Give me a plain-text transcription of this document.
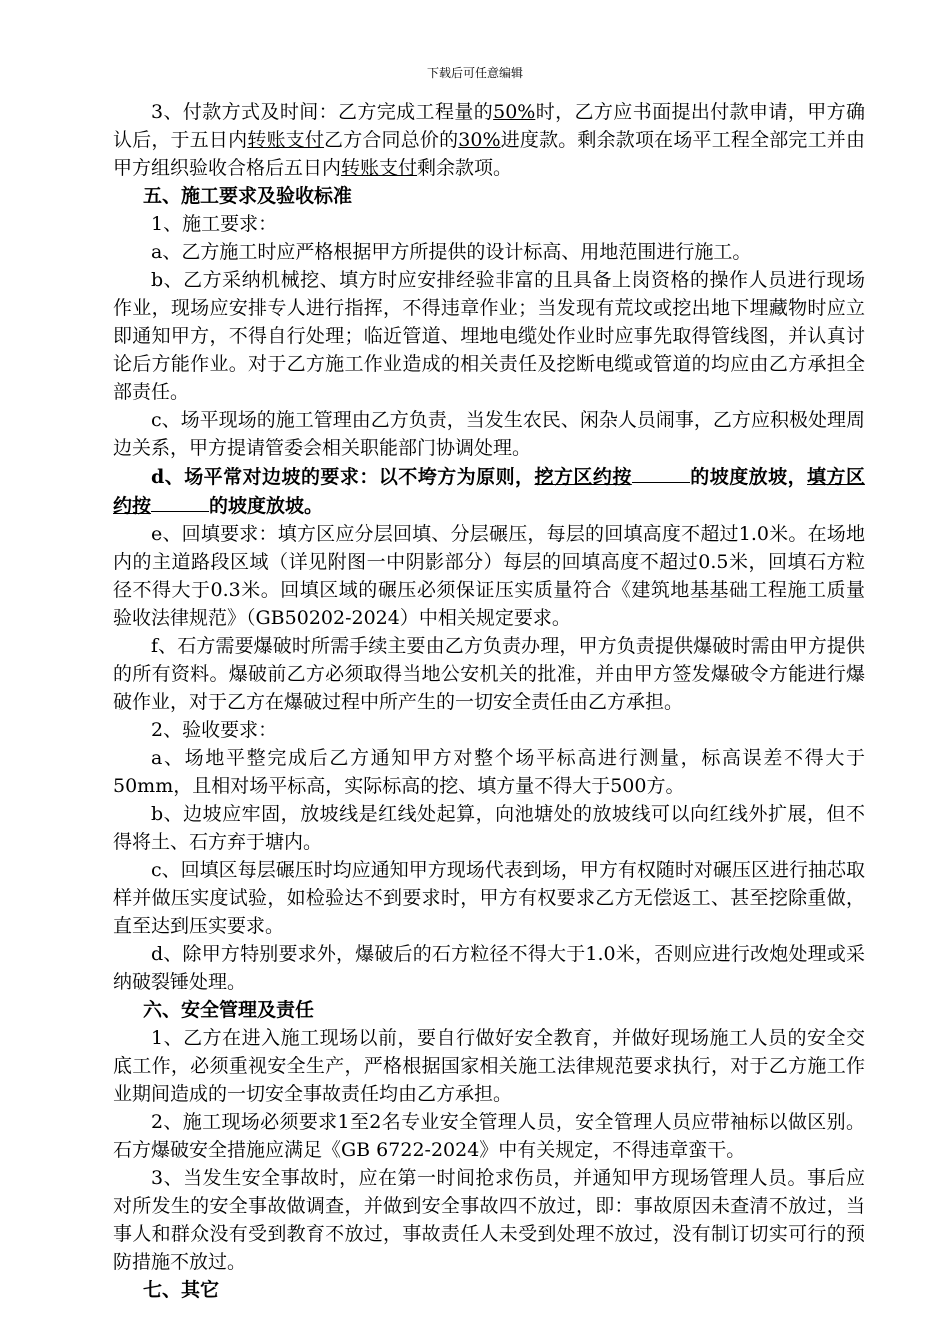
下载后可任意编辑

3、付款方式及时间：乙方完成工程量的50%时，乙方应书面提出付款申请，甲方确认后，于五日内转账支付乙方合同总价的30%进度款。剩余款项在场平工程全部完工并由甲方组织验收合格后五日内转账支付剩余款项。

五、施工要求及验收标准

1、施工要求：

a、乙方施工时应严格根据甲方所提供的设计标高、用地范围进行施工。

b、乙方采纳机械挖、填方时应安排经验非富的且具备上岗资格的操作人员进行现场作业，现场应安排专人进行指挥，不得违章作业；当发现有荒坟或挖出地下埋藏物时应立即通知甲方，不得自行处理；临近管道、埋地电缆处作业时应事先取得管线图，并认真讨论后方能作业。对于乙方施工作业造成的相关责任及挖断电缆或管道的均应由乙方承担全部责任。

c、场平现场的施工管理由乙方负责，当发生农民、闲杂人员闹事，乙方应积极处理周边关系，甲方提请管委会相关职能部门协调处理。

d、场平常对边坡的要求：以不垮方为原则，挖方区约按	的坡度放坡，填方区约按	的坡度放坡。

e、回填要求：填方区应分层回填、分层碾压，每层的回填高度不超过1.0米。在场地内的主道路段区域（详见附图一中阴影部分）每层的回填高度不超过0.5米，回填石方粒径不得大于0.3米。回填区域的碾压必须保证压实质量符合《建筑地基基础工程施工质量验收法律规范》（GB50202-2024）中相关规定要求。

f、石方需要爆破时所需手续主要由乙方负责办理，甲方负责提供爆破时需由甲方提供的所有资料。爆破前乙方必须取得当地公安机关的批准，并由甲方签发爆破令方能进行爆破作业，对于乙方在爆破过程中所产生的一切安全责任由乙方承担。

2、验收要求：

a、场地平整完成后乙方通知甲方对整个场平标高进行测量，标高误差不得大于50mm，且相对场平标高，实际标高的挖、填方量不得大于500方。

b、边坡应牢固，放坡线是红线处起算，向池塘处的放坡线可以向红线外扩展，但不得将土、石方弃于塘内。

c、回填区每层碾压时均应通知甲方现场代表到场，甲方有权随时对碾压区进行抽芯取样并做压实度试验，如检验达不到要求时，甲方有权要求乙方无偿返工、甚至挖除重做，直至达到压实要求。

d、除甲方特别要求外，爆破后的石方粒径不得大于1.0米，否则应进行改炮处理或采纳破裂锤处理。

六、安全管理及责任

1、乙方在进入施工现场以前，要自行做好安全教育，并做好现场施工人员的安全交底工作，必须重视安全生产，严格根据国家相关施工法律规范要求执行，对于乙方施工作业期间造成的一切安全事故责任均由乙方承担。

2、施工现场必须要求1至2名专业安全管理人员，安全管理人员应带袖标以做区别。石方爆破安全措施应满足《GB 6722-2024》中有关规定，不得违章蛮干。

3、当发生安全事故时，应在第一时间抢求伤员，并通知甲方现场管理人员。事后应对所发生的安全事故做调查，并做到安全事故四不放过，即：事故原因未查清不放过，当事人和群众没有受到教育不放过，事故责任人未受到处理不放过，没有制订切实可行的预防措施不放过。

七、其它
